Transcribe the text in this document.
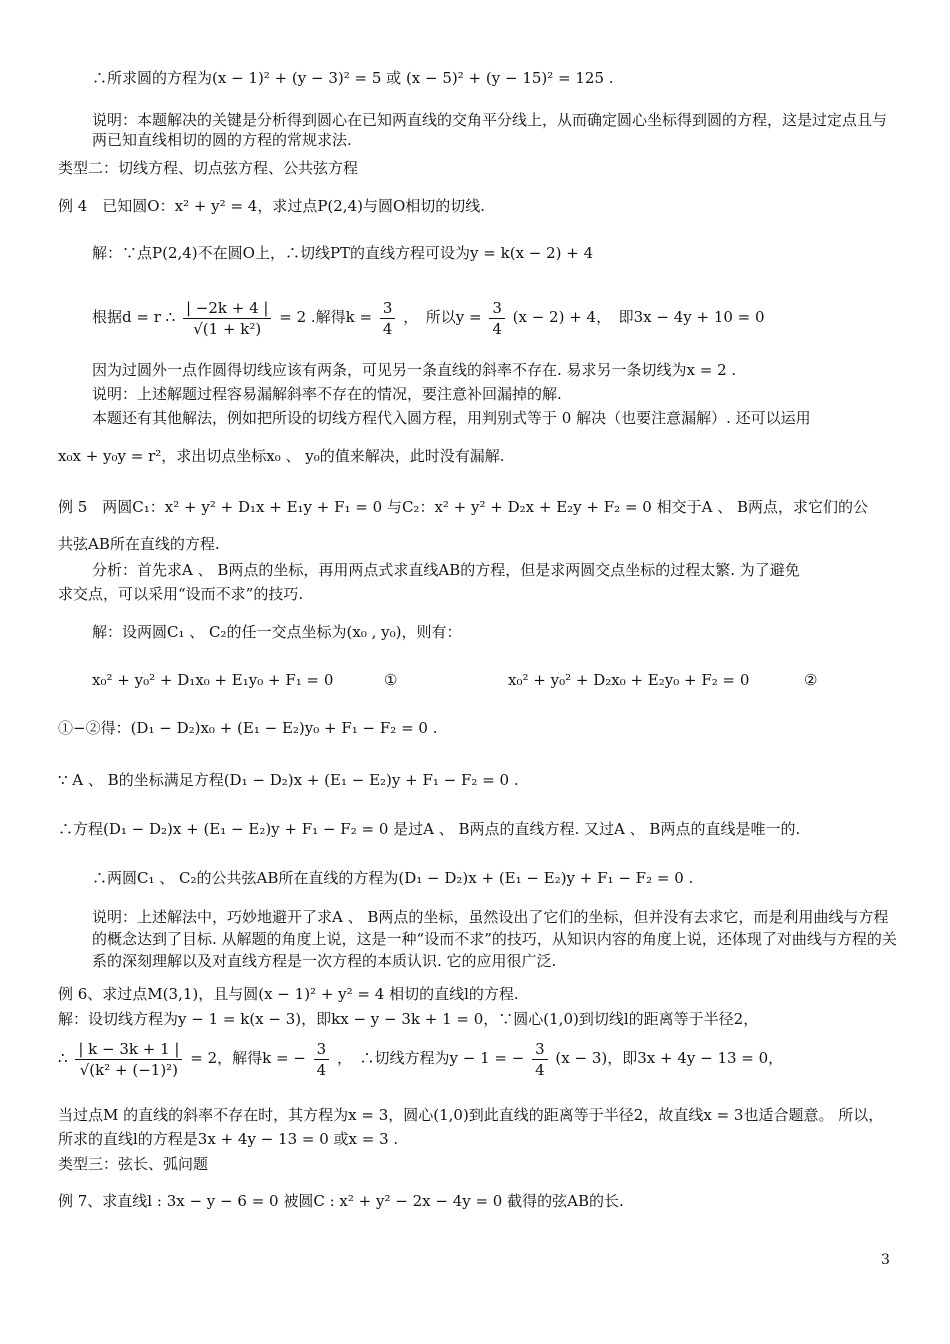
∴所求圆的方程为(x − 1)² + (y − 3)² = 5 或 (x − 5)² + (y − 15)² = 125 .
说明：本题解决的关键是分析得到圆心在已知两直线的交角平分线上，从而确定圆心坐标得到圆的方程，这是过定点且与两已知直线相切的圆的方程的常规求法.
类型二：切线方程、切点弦方程、公共弦方程
例 4　已知圆O：x² + y² = 4，求过点P(2,4)与圆O相切的切线.
解：∵点P(2,4)不在圆O上，∴切线PT的直线方程可设为y = k(x − 2) + 4
根据d = r ∴ $\frac{| -2k + 4 |}{\text{√(1 + k²)}} = 2$ .解得$k = \frac{3}{4}$ ，　所以$y = \frac{3}{4} (x - 2) + 4$，　即3x − 4y + 10 = 0
因为过圆外一点作圆得切线应该有两条，可见另一条直线的斜率不存在. 易求另一条切线为x = 2 .
说明：上述解题过程容易漏解斜率不存在的情况，要注意补回漏掉的解.
本题还有其他解法，例如把所设的切线方程代入圆方程，用判别式等于 0 解决（也要注意漏解）. 还可以运用
x₀x + y₀y = r²，求出切点坐标x₀ 、 y₀的值来解决，此时没有漏解.
例 5　两圆C₁：x² + y² + D₁x + E₁y + F₁ = 0 与C₂：x² + y² + D₂x + E₂y + F₂ = 0 相交于A 、 B两点，求它们的公
共弦AB所在直线的方程.
分析：首先求A 、 B两点的坐标，再用两点式求直线AB的方程，但是求两圆交点坐标的过程太繁. 为了避免
求交点，可以采用“设而不求”的技巧.
解：设两圆C₁ 、 C₂的任一交点坐标为(x₀ , y₀)，则有：
x₀² + y₀² + D₁x₀ + E₁y₀ + F₁ = 0	①	x₀² + y₀² + D₂x₀ + E₂y₀ + F₂ = 0	②
①−②得：(D₁ − D₂)x₀ + (E₁ − E₂)y₀ + F₁ − F₂ = 0 .
∵ A 、 B的坐标满足方程(D₁ − D₂)x + (E₁ − E₂)y + F₁ − F₂ = 0 .
∴方程(D₁ − D₂)x + (E₁ − E₂)y + F₁ − F₂ = 0 是过A 、 B两点的直线方程. 又过A 、 B两点的直线是唯一的.
∴两圆C₁ 、 C₂的公共弦AB所在直线的方程为(D₁ − D₂)x + (E₁ − E₂)y + F₁ − F₂ = 0 .
说明：上述解法中，巧妙地避开了求A 、 B两点的坐标，虽然设出了它们的坐标，但并没有去求它，而是利用曲线与方程的概念达到了目标. 从解题的角度上说，这是一种“设而不求”的技巧，从知识内容的角度上说，还体现了对曲线与方程的关系的深刻理解以及对直线方程是一次方程的本质认识. 它的应用很广泛.
例 6、求过点M(3,1)，且与圆(x − 1)² + y² = 4 相切的直线l的方程.
解：设切线方程为y − 1 = k(x − 3)，即kx − y − 3k + 1 = 0，∵圆心(1,0)到切线l的距离等于半径2，
∴ $\frac{| k - 3k + 1 |}{\text{√(k² + (−1)²)}} = 2$，解得k = − $\frac{3}{4}$ ，　∴切线方程为y − 1 = − $\frac{3}{4} (x - 3)$，即3x + 4y − 13 = 0，
当过点M 的直线的斜率不存在时，其方程为x = 3，圆心(1,0)到此直线的距离等于半径2，故直线x = 3也适合题意。 所以，所求的直线l的方程是3x + 4y − 13 = 0 或x = 3 .
类型三：弦长、弧问题
例 7、求直线l : 3x − y − 6 = 0 被圆C : x² + y² − 2x − 4y = 0 截得的弦AB的长.
3
